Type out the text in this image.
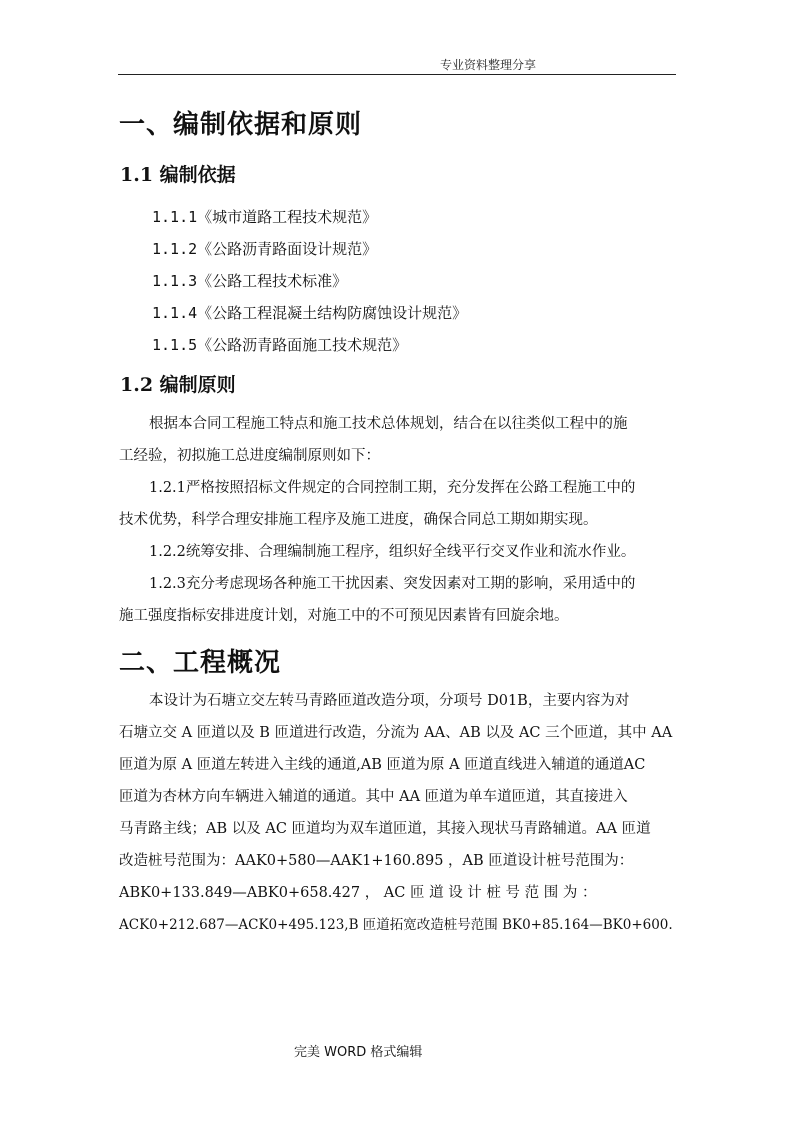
专业资料整理分享
一、编制依据和原则
1.1 编制依据
1.1.1《城市道路工程技术规范》
1.1.2《公路沥青路面设计规范》
1.1.3《公路工程技术标准》
1.1.4《公路工程混凝土结构防腐蚀设计规范》
1.1.5《公路沥青路面施工技术规范》
1.2 编制原则
根据本合同工程施工特点和施工技术总体规划，结合在以往类似工程中的施
工经验，初拟施工总进度编制原则如下：
1.2.1严格按照招标文件规定的合同控制工期，充分发挥在公路工程施工中的
技术优势，科学合理安排施工程序及施工进度，确保合同总工期如期实现。
1.2.2统筹安排、合理编制施工程序，组织好全线平行交叉作业和流水作业。
1.2.3充分考虑现场各种施工干扰因素、突发因素对工期的影响，采用适中的
施工强度指标安排进度计划，对施工中的不可预见因素皆有回旋余地。
二、工程概况
本设计为石塘立交左转马青路匝道改造分项，分项号 D01B，主要内容为对
石塘立交 A 匝道以及 B 匝道进行改造，分流为 AA、AB 以及 AC 三个匝道，其中 AA
匝道为原 A 匝道左转进入主线的通道,AB 匝道为原 A 匝道直线进入辅道的通道AC
匝道为杏林方向车辆进入辅道的通道。其中 AA 匝道为单车道匝道，其直接进入
马青路主线；AB 以及 AC 匝道均为双车道匝道，其接入现状马青路辅道。AA 匝道
改造桩号范围为：AAK0+580—AAK1+160.895 ，AB 匝道设计桩号范围为：
ABK0+133.849—ABK0+658.427 ， AC 匝 道 设 计 桩 号 范 围 为 ：
ACK0+212.687—ACK0+495.123,B 匝道拓宽改造桩号范围 BK0+85.164—BK0+600.
完美 WORD 格式编辑
